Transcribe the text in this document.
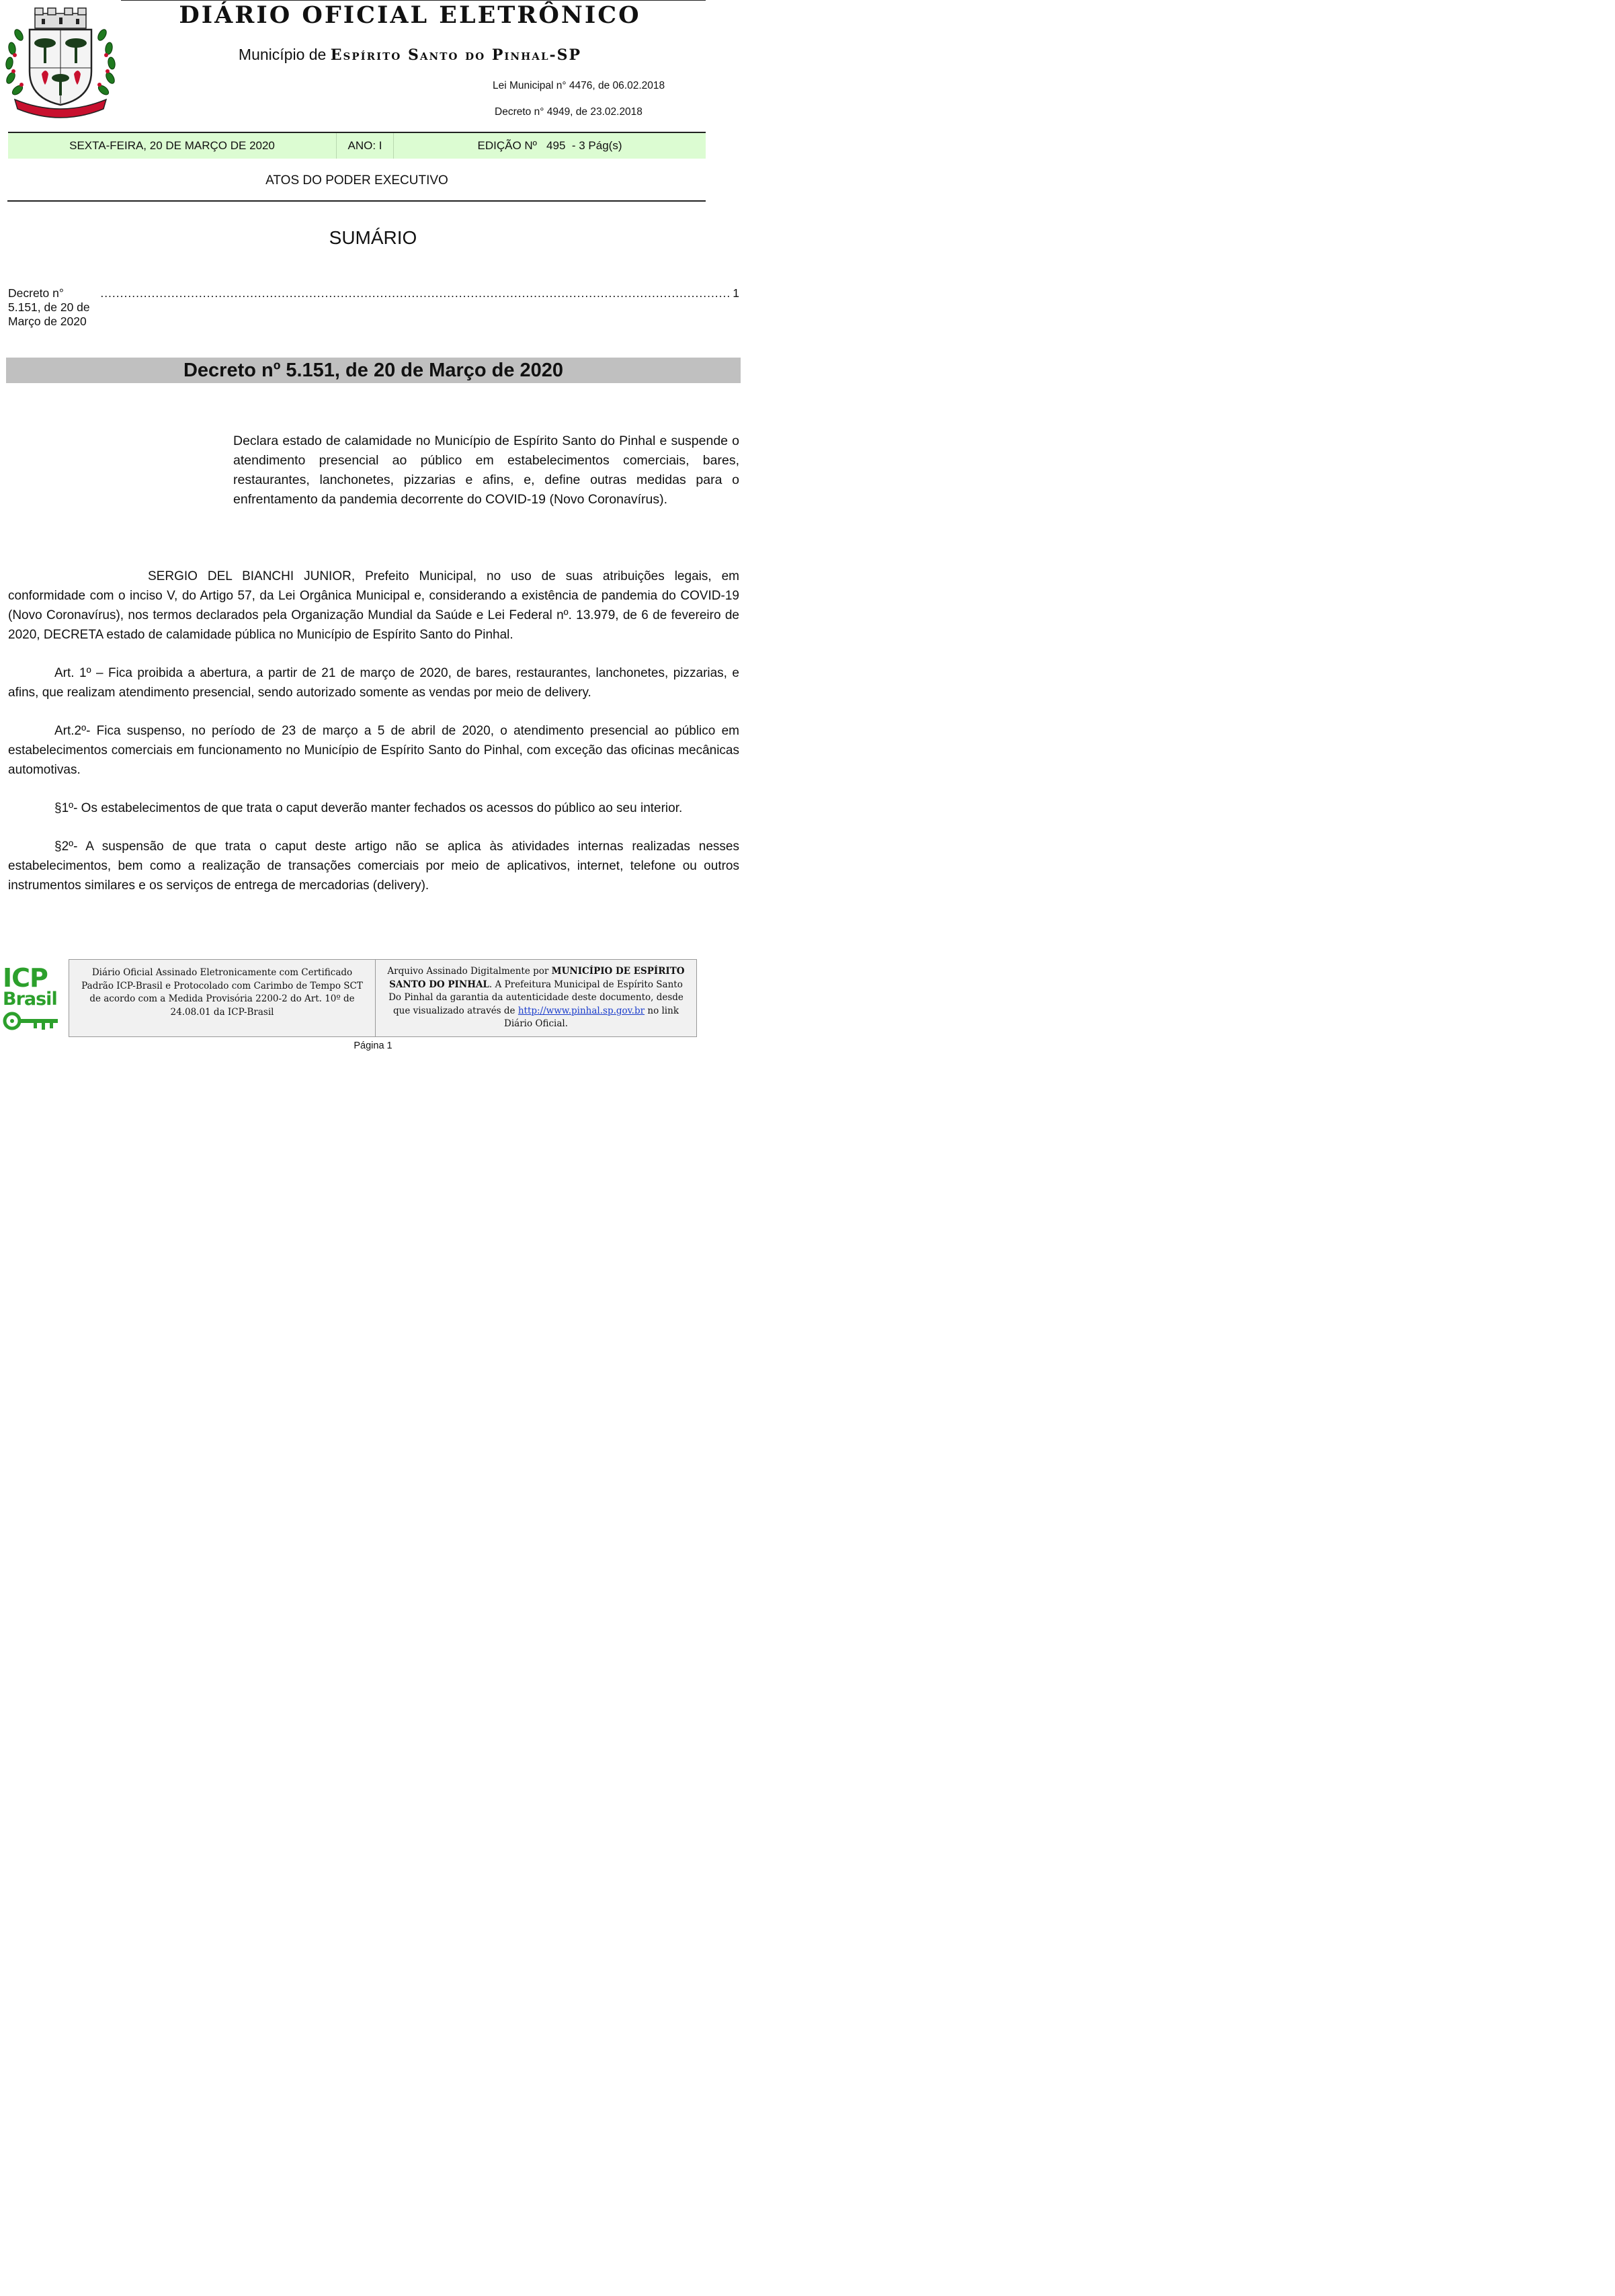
DIÁRIO OFICIAL ELETRÔNICO
Município de Espírito Santo do Pinhal-SP
Lei Municipal n° 4476, de 06.02.2018
Decreto n° 4949, de 23.02.2018
SEXTA-FEIRA, 20 DE MARÇO DE 2020	ANO: I	EDIÇÃO Nº   495  - 3 Pág(s)
ATOS DO PODER EXECUTIVO
SUMÁRIO
Decreto n° 5.151, de 20 de Março de 2020
................................................................................................................................................................ 1
Decreto nº 5.151, de 20 de Março de 2020
Declara estado de calamidade no Município de Espírito Santo do Pinhal e suspende o atendimento presencial ao público em estabelecimentos comerciais, bares, restaurantes, lanchonetes, pizzarias e afins, e, define outras medidas para o enfrentamento da pandemia decorrente do COVID-19 (Novo Coronavírus).

SERGIO DEL BIANCHI JUNIOR, Prefeito Municipal, no uso de suas atribuições legais, em conformidade com o inciso V, do Artigo 57, da Lei Orgânica Municipal e, considerando a existência de pandemia do COVID-19 (Novo Coronavírus), nos termos declarados pela Organização Mundial da Saúde e Lei Federal nº. 13.979, de 6 de fevereiro de 2020, DECRETA estado de calamidade pública no Município de Espírito Santo do Pinhal.

Art. 1º – Fica proibida a abertura, a partir de 21 de março de 2020, de bares, restaurantes, lanchonetes, pizzarias, e afins, que realizam atendimento presencial, sendo autorizado somente as vendas por meio de delivery.

Art.2º- Fica suspenso, no período de 23 de março a 5 de abril de 2020, o atendimento presencial ao público em estabelecimentos comerciais em funcionamento no Município de Espírito Santo do Pinhal, com exceção das oficinas mecânicas automotivas.

§1º- Os estabelecimentos de que trata o caput deverão manter fechados os acessos do público ao seu interior.

§2º- A suspensão de que trata o caput deste artigo não se aplica às atividades internas realizadas nesses estabelecimentos, bem como a realização de transações comerciais por meio de aplicativos, internet, telefone ou outros instrumentos similares e os serviços de entrega de mercadorias (delivery).

ICP
Brasil
Diário Oficial Assinado Eletronicamente com Certificado Padrão ICP-Brasil e Protocolado com Carimbo de Tempo SCT de acordo com a Medida Provisória 2200-2 do Art. 10º de 24.08.01 da ICP-Brasil
Arquivo Assinado Digitalmente por MUNICÍPIO DE ESPÍRITO SANTO DO PINHAL. A Prefeitura Municipal de Espírito Santo Do Pinhal da garantia da autenticidade deste documento, desde que visualizado através de http://www.pinhal.sp.gov.br no link Diário Oficial.
Página 1
